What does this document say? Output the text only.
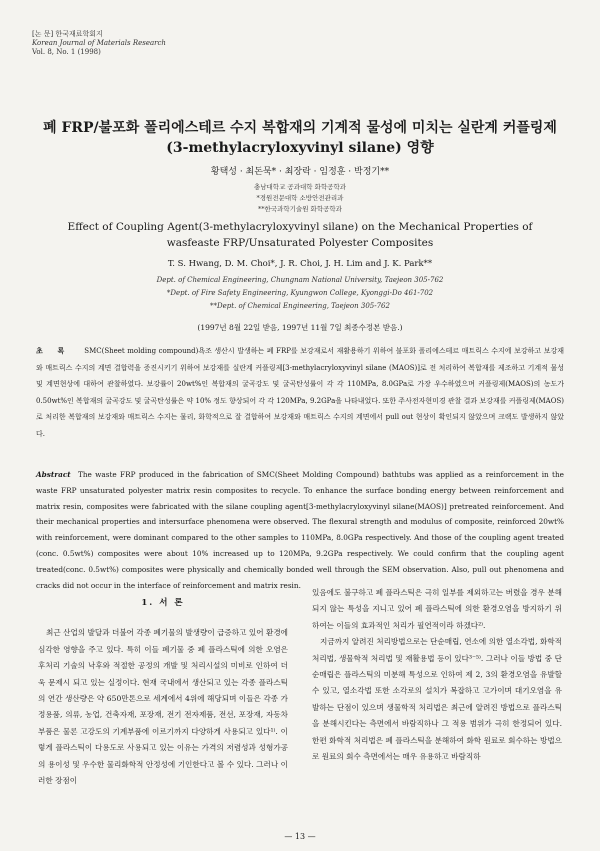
[논 문] 한국재료학회지
Korean Journal of Materials Research
Vol. 8, No. 1 (1998)
폐 FRP/불포화 폴리에스테르 수지 복합재의 기계적 물성에 미치는 실란계 커플링제(3-methylacryloxyvinyl silane) 영향
황택성 · 최돈묵* · 최장락 · 임정훈 · 박정기**
충남대학교 공과대학 화학공학과
*경원전문대학 소방안전관리과
**한국과학기술원 화학공학과
Effect of Coupling Agent(3-methylacryloxyvinyl silane) on the Mechanical Properties of wasfeaste FRP/Unsaturated Polyester Composites
T. S. Hwang, D. M. Choi*, J. R. Choi, J. H. Lim and J. K. Park**
Dept. of Chemical Engineering, Chungnam National University, Taejeon 305-762
*Dept. of Fire Safety Engineering, Kyungwon College, Kyonggi-Do 461-702
**Dept. of Chemical Engineering, Taejeon 305-762
(1997년 8월 22일 받음, 1997년 11월 7일 최종수정본 받음.)
초 록 SMC(Sheet molding compound)욕조 생산시 발생하는 폐 FRP를 보강재로서 재활용하기 위하여 불포화 폴리에스테르 매트릭스 수지에 보강하고 보강재와 매트릭스 수지의 계면 결합력을 증진시키기 위하여 보강재를 실란계 커플링제[3-methylacryloxyvinyl silane (MAOS)]로 전 처리하여 복합재를 제조하고 기계적 물성 및 계면현상에 대하여 관찰하였다. 보강률이 20wt%인 복합재의 굴곡강도 및 굴곡탄성률이 각 각 110MPa, 8.0GPa로 가장 우수하였으며 커플링제(MAOS)의 농도가 0.50wt%인 복합재의 굴곡강도 및 굴곡탄성률은 약 10% 정도 향상되어 각 각 120MPa, 9.2GPa을 나타내었다. 또한 주사전자현미경 관찰 결과 보강재를 커플링제(MAOS)로 처리한 복합재의 보강재와 매트릭스 수지는 물리, 화학적으로 잘 결합하여 보강재와 매트릭스 수지의 계면에서 pull out 현상이 확인되지 않았으며 크랙도 발생하지 않았다.
Abstract The waste FRP produced in the fabrication of SMC(Sheet Molding Compound) bathtubs was applied as a reinforcement in the waste FRP unsaturated polyester matrix resin composites to recycle. To enhance the surface bonding energy between reinforcement and matrix resin, composites were fabricated with the silane coupling agent[3-methylacryloxyvinyl silane(MAOS)] pretreated reinforcement. And their mechanical properties and intersurface phenomena were observed. The flexural strength and modulus of composite, reinforced 20wt% with reinforcement, were dominant compared to the other samples to 110MPa, 8.0GPa respectively. And those of the coupling agent treated (conc. 0.5wt%) composites were about 10% increased up to 120MPa, 9.2GPa respectively. We could confirm that the coupling agent treated(conc. 0.5wt%) composites were physically and chemically bonded well through the SEM observation. Also, pull out phenomena and cracks did not occur in the interface of reinforcement and matrix resin.
1. 서 론

최근 산업의 발달과 더불어 각종 폐기물의 발생량이 급증하고 있어 환경에 심각한 영향을 주고 있다. 특히 이들 폐기물 중 폐 플라스틱에 의한 오염은 후처리 기술의 낙후와 적절한 공정의 개발 및 처리시설의 미비로 인하여 더욱 문제시 되고 있는 실정이다. 현재 국내에서 생산되고 있는 각종 플라스틱의 연간 생산량은 약 650만톤으로 세계에서 4위에 해당되며 이들은 각종 가정용품, 의류, 농업, 건축자재, 포장재, 전기 전자제품, 전선, 포장재, 자동차 부품은 물론 고강도의 기계부품에 이르기까지 다양하게 사용되고 있다¹⁾. 이렇게 플라스틱이 다용도로 사용되고 있는 이유는 가격의 저렴성과 성형가공의 용이성 및 우수한 물리화학적 안정성에 기인한다고 볼 수 있다. 그러나 이러한 장점이

있음에도 불구하고 폐 플라스틱은 극히 일부를 제외하고는 버렸을 경우 분해되지 않는 특성을 지니고 있어 폐 플라스틱에 의한 환경오염을 방지하기 위하여는 이들의 효과적인 처리가 필연적이라 하겠다²⁾.

지금까지 알려진 처리방법으로는 단순매립, 연소에 의한 열소각법, 화학적 처리법, 생물학적 처리법 및 재활용법 등이 있다³⁻⁵⁾. 그러나 이들 방법 중 단순매립은 플라스틱의 미분해 특성으로 인하여 제 2, 3의 환경오염을 유발할 수 있고, 열소각법 또한 소각로의 설치가 복잡하고 고가이며 대기오염을 유발하는 단점이 있으며 생물학적 처리법은 최근에 알려진 방법으로 플라스틱을 분해시킨다는 측면에서 바람직하나 그 적용 범위가 극히 한정되어 있다. 한편 화학적 처리법은 폐 플라스틱을 분해하여 화학 원료로 회수하는 방법으로 원료의 회수 측면에서는 매우 유용하고 바람직하

— 13 —
